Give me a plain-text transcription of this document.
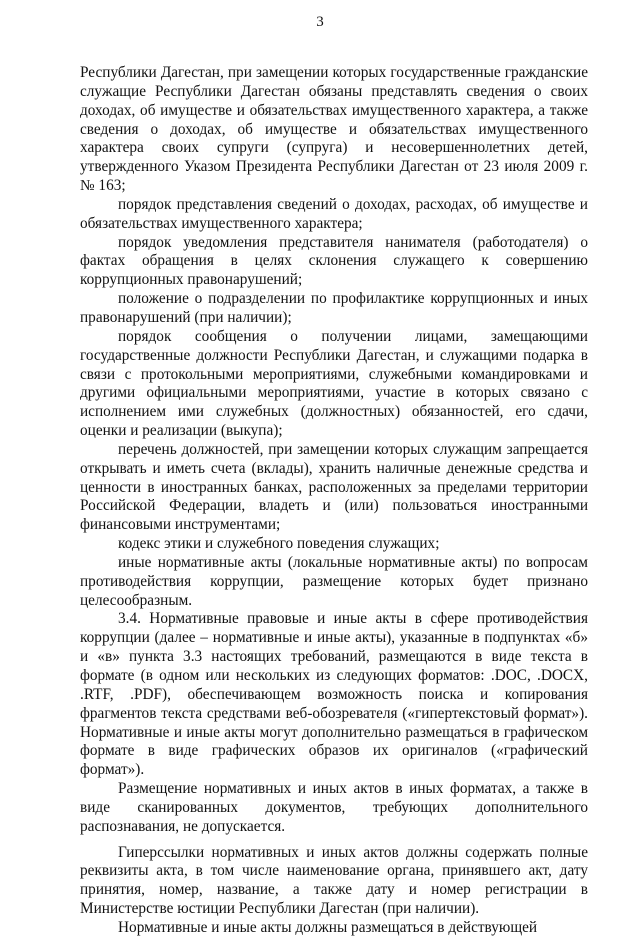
3

Республики Дагестан, при замещении которых государственные гражданские служащие Республики Дагестан обязаны представлять сведения о своих доходах, об имуществе и обязательствах имущественного характера, а также сведения о доходах, об имуществе и обязательствах имущественного характера своих супруги (супруга) и несовершеннолетних детей, утвержденного Указом Президента Республики Дагестан от 23 июля 2009 г. № 163;

порядок представления сведений о доходах, расходах, об имуществе и обязательствах имущественного характера;

порядок уведомления представителя нанимателя (работодателя) о фактах обращения в целях склонения служащего к совершению коррупционных правонарушений;

положение о подразделении по профилактике коррупционных и иных правонарушений (при наличии);

порядок сообщения о получении лицами, замещающими государственные должности Республики Дагестан, и служащими подарка в связи с протокольными мероприятиями, служебными командировками и другими официальными мероприятиями, участие в которых связано с исполнением ими служебных (должностных) обязанностей, его сдачи, оценки и реализации (выкупа);

перечень должностей, при замещении которых служащим запрещается открывать и иметь счета (вклады), хранить наличные денежные средства и ценности в иностранных банках, расположенных за пределами территории Российской Федерации, владеть и (или) пользоваться иностранными финансовыми инструментами;

кодекс этики и служебного поведения служащих;

иные нормативные акты (локальные нормативные акты) по вопросам противодействия коррупции, размещение которых будет признано целесообразным.

3.4. Нормативные правовые и иные акты в сфере противодействия коррупции (далее – нормативные и иные акты), указанные в подпунктах «б» и «в» пункта 3.3 настоящих требований, размещаются в виде текста в формате (в одном или нескольких из следующих форматов: .DOC, .DOCX, .RTF, .PDF), обеспечивающем возможность поиска и копирования фрагментов текста средствами веб-обозревателя («гипертекстовый формат»). Нормативные и иные акты могут дополнительно размещаться в графическом формате в виде графических образов их оригиналов («графический формат»).

Размещение нормативных и иных актов в иных форматах, а также в виде сканированных документов, требующих дополнительного распознавания, не допускается.

Гиперссылки нормативных и иных актов должны содержать полные реквизиты акта, в том числе наименование органа, принявшего акт, дату принятия, номер, название, а также дату и номер регистрации в Министерстве юстиции Республики Дагестан (при наличии).

Нормативные и иные акты должны размещаться в действующей
